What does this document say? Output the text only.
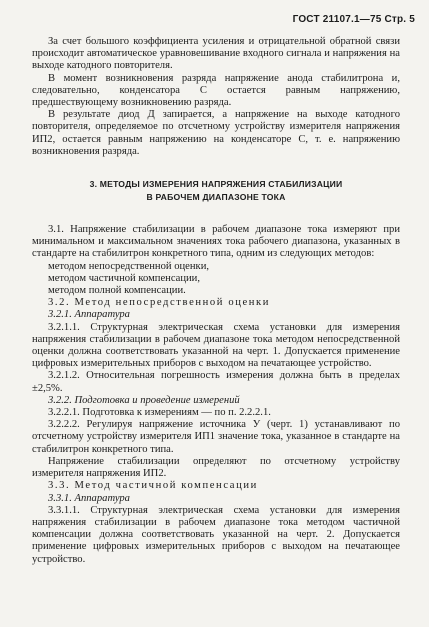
ГОСТ 21107.1—75 Стр. 5

За счет большого коэффициента усиления и отрицательной обратной связи происходит автоматическое уравновешивание входного сигнала и напряжения на выходе катодного повторителя.

В момент возникновения разряда напряжение анода стабилитрона и, следовательно, конденсатора С остается равным напряжению, предшествующему возникновению разряда.

В результате диод Д запирается, а напряжение на выходе катодного повторителя, определяемое по отсчетному устройству измерителя напряжения ИП2, остается равным напряжению на конденсаторе С, т. е. напряжению возникновения разряда.

3. МЕТОДЫ ИЗМЕРЕНИЯ НАПРЯЖЕНИЯ СТАБИЛИЗАЦИИ
В РАБОЧЕМ ДИАПАЗОНЕ ТОКА

3.1. Напряжение стабилизации в рабочем диапазоне тока измеряют при минимальном и максимальном значениях тока рабочего диапазона, указанных в стандарте на стабилитрон конкретного типа, одним из следующих методов:

методом непосредственной оценки,

методом частичной компенсации,

методом полной компенсации.

3.2. Метод непосредственной оценки

3.2.1. Аппаратура

3.2.1.1. Структурная электрическая схема установки для измерения напряжения стабилизации в рабочем диапазоне тока методом непосредственной оценки должна соответствовать указанной на черт. 1. Допускается применение цифровых измерительных приборов с выходом на печатающее устройство.

3.2.1.2. Относительная погрешность измерения должна быть в пределах ±2,5%.

3.2.2. Подготовка и проведение измерений

3.2.2.1. Подготовка к измерениям — по п. 2.2.2.1.

3.2.2.2. Регулируя напряжение источника У (черт. 1) устанавливают по отсчетному устройству измерителя ИП1 значение тока, указанное в стандарте на стабилитрон конкретного типа.

Напряжение стабилизации определяют по отсчетному устройству измерителя напряжения ИП2.

3.3. Метод частичной компенсации

3.3.1. Аппаратура

3.3.1.1. Структурная электрическая схема установки для измерения напряжения стабилизации в рабочем диапазоне тока методом частичной компенсации должна соответствовать указанной на черт. 2. Допускается применение цифровых измерительных приборов с выходом на печатающее устройство.
